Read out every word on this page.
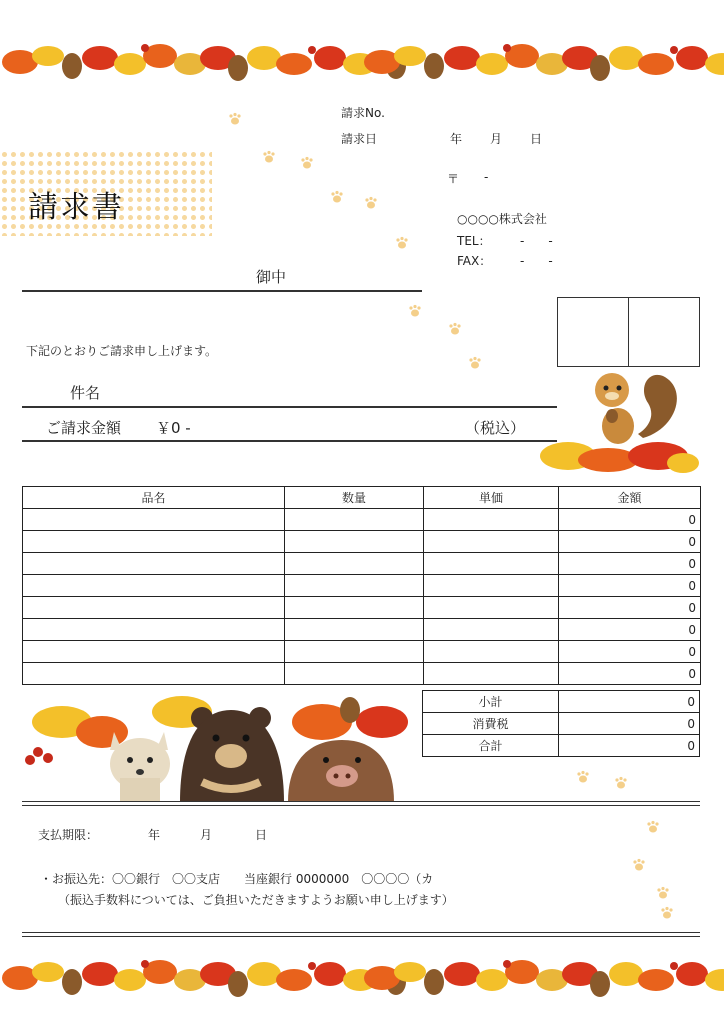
請求No.
請求日	年 月 日
〒 -
○○○○株式会社
TEL： -　　-
FAX： -　　-
請求書
御中
下記のとおりご請求申し上げます。
件名
ご請求金額 ￥0 -	（税込）
品名	数量	単価	金額
			0
			0
			0
			0
			0
			0
			0
			0
小計	0
消費税	0
合計	0
支払期限：	年	月	日
・お振込先：〇〇銀行　〇〇支店　　当座銀行 0000000　〇〇〇〇（カ
（振込手数料については、ご負担いただきますようお願い申し上げます）
